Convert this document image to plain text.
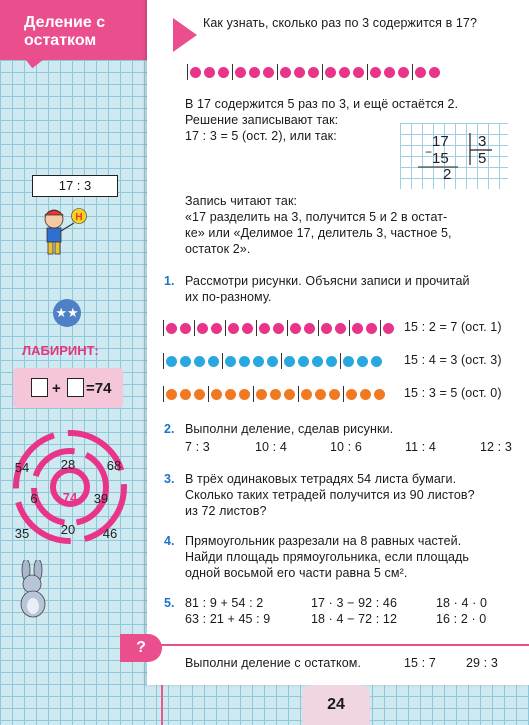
Деление с остатком
17 : 3
Н
★★
ЛАБИРИНТ:
+ =74
54 28 68
6 74 39
35 20 46
Как узнать, сколько раз по 3 содержится в 17?
В 17 содержится 5 раз по 3, и ещё остаётся 2.
Решение записывают так:
17 : 3 = 5 (ост. 2), или так:	17 3
15 5
2
−
Запись читают так:
«17 разделить на 3, получится 5 и 2 в остат-
ке» или «Делимое 17, делитель 3, частное 5,
остаток 2».
1. Рассмотри рисунки. Объясни записи и прочитай
их по-разному.
15 : 2 = 7 (ост. 1)
15 : 4 = 3 (ост. 3)
15 : 3 = 5 (ост. 0)
2. Выполни деление, сделав рисунки.
7 : 3	10 : 4	10 : 6	11 : 4	12 : 3
3. В трёх одинаковых тетрадях 54 листа бумаги.
Сколько таких тетрадей получится из 90 листов?
из 72 листов?
4. Прямоугольник разрезали на 8 равных частей.
Найди площадь прямоугольника, если площадь
одной восьмой его части равна 5 см².
5. 81 : 9 + 54 : 2	17 · 3 − 92 : 46	18 · 4 · 0
63 : 21 + 45 : 9	18 · 4 − 72 : 12	16 : 2 · 0
?
Выполни деление с остатком.	15 : 7 29 : 3
24
